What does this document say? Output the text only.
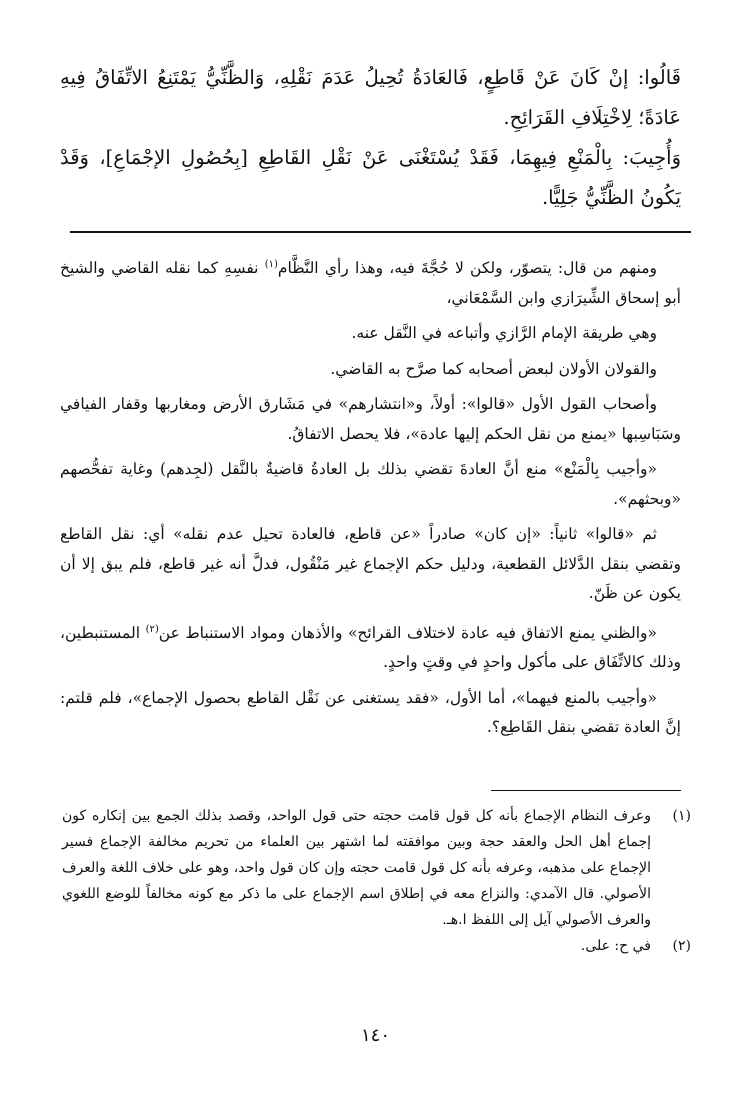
قَالُوا: إنْ كَانَ عَنْ قَاطِعٍ، فَالعَادَةُ تُحِيلُ عَدَمَ نَقْلِهِ، وَالظَّنِّيُّ يَمْتَنِعُ الاتِّفَاقُ فِيهِ عَادَةً؛ لِاخْتِلَافِ القَرَائِحِ.

وَأُجِيبَ: بِالْمَنْعِ فِيهِمَا، فَقَدْ يُسْتَغْنَى عَنْ نَقْلِ القَاطِعِ [بِحُصُولِ الإجْمَاعِ]، وَقَدْ يَكُونُ الظَّنِّيُّ جَلِيًّا.

ومنهم من قال: يتصوّر، ولكن لا حُجَّةَ فيه، وهذا رأي النَّظَّام$^{(١)}$ نفسِهِ كما نقله القاضي والشيخ أبو إسحاق الشِّيرَازي وابن السَّمْعَاني،

وهي طريقة الإمام الرَّازي وأتباعه في النَّقل عنه.

والقولان الأولان لبعض أصحابه كما صرَّح به القاضي.

وأصحاب القول الأول «قالوا»: أولاً، و«انتشارهم» في مَشَارق الأرض ومغاربها وقفار الفيافي وسَبَاسِبها «يمنع من نقل الحكم إليها عادة»، فلا يحصل الاتفاقُ.

«وأجيب بِالْمَنْع» منع أنَّ العادةَ تقضي بذلك بل العادةُ قاضيةٌ بالنَّقل (لجِدهم) وغاية تفحُّصهم «وبحثهم».

ثم «قالوا» ثانياً: «إن كان» صادراً «عن قاطع، فالعادة تحيل عدم نقله» أي: نقل القاطع وتقضي بنقل الدَّلائل القطعية، ودليل حكم الإجماع غير مَنْقُول، فدلَّ أنه غير قاطع، فلم يبق إلا أن يكون عن ظَنّ.

«والظني يمنع الاتفاق فيه عادة لاختلاف القرائح» والأذهان ومواد الاستنباط عن$^{(٢)}$ المستنبطين، وذلك كالاتِّفَاق على مأكول واحدٍ في وقتٍ واحدٍ.

«وأجيب بالمنع فيهما»، أما الأول، «فقد يستغنى عن نَقْل القاطع بحصول الإجماع»، فلم قلتم: إنَّ العادة تقضي بنقل القَاطِع؟.

(١)
وعرف النظام الإجماع بأنه كل قول قامت حجته حتى قول الواحد، وقصد بذلك الجمع بين إنكاره كون إجماع أهل الحل والعقد حجة وبين موافقته لما اشتهر بين العلماء من تحريم مخالفة الإجماع فسير الإجماع على مذهبه، وعرفه بأنه كل قول قامت حجته وإن كان قول واحد، وهو على خلاف اللغة والعرف الأصولي. قال الآمدي: والنزاع معه في إطلاق اسم الإجماع على ما ذكر مع كونه مخالفاً للوضع اللغوي والعرف الأصولي آيل إلى اللفظ ا.هـ.
(٢)
في ح: على.
١٤٠
